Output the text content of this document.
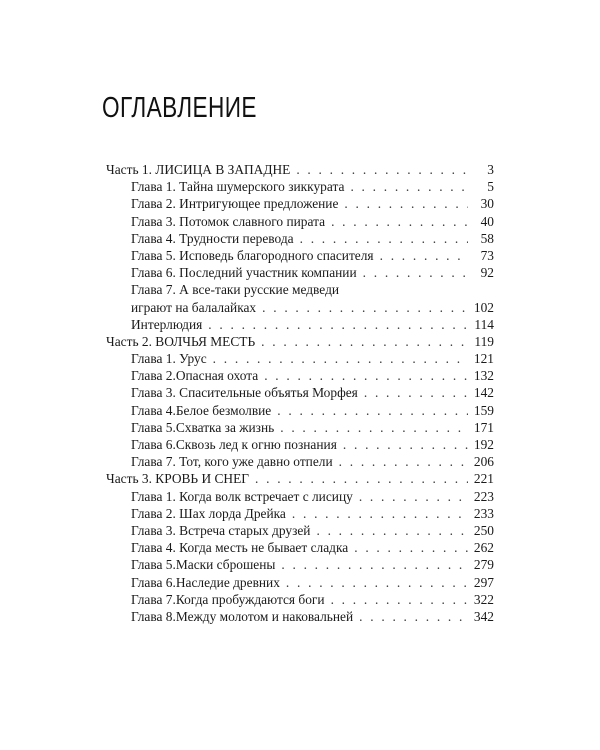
ОГЛАВЛЕНИЕ
Часть 1. ЛИСИЦА В ЗАПАДНЕ . . .	3
Глава 1. Тайна шумерского зиккурата . . .	5
Глава 2. Интригующее предложение . . .	30
Глава 3. Потомок славного пирата . . .	40
Глава 4. Трудности перевода . . .	58
Глава 5. Исповедь благородного спасителя . . .	73
Глава 6. Последний участник компании . . .	92
Глава 7. А все-таки русские медведи
играют на балалайках . . .	102
Интерлюдия . . .	114
Часть 2. ВОЛЧЬЯ МЕСТЬ . . .	119
Глава 1. Урус . . .	121
Глава 2.Опасная охота . . .	132
Глава 3. Спасительные объятья Морфея . . .	142
Глава 4.Белое безмолвие . . .	159
Глава 5.Схватка за жизнь . . .	171
Глава 6.Сквозь лед к огню познания . . .	192
Глава 7. Тот, кого уже давно отпели . . .	206
Часть 3. КРОВЬ И СНЕГ . . .	221
Глава 1. Когда волк встречает с лисицу . . .	223
Глава 2. Шах лорда Дрейка . . .	233
Глава 3. Встреча старых друзей . . .	250
Глава 4. Когда месть не бывает сладка . . .	262
Глава 5.Маски сброшены . . .	279
Глава 6.Наследие древних . . .	297
Глава 7.Когда пробуждаются боги . . .	322
Глава 8.Между молотом и наковальней . . .	342
